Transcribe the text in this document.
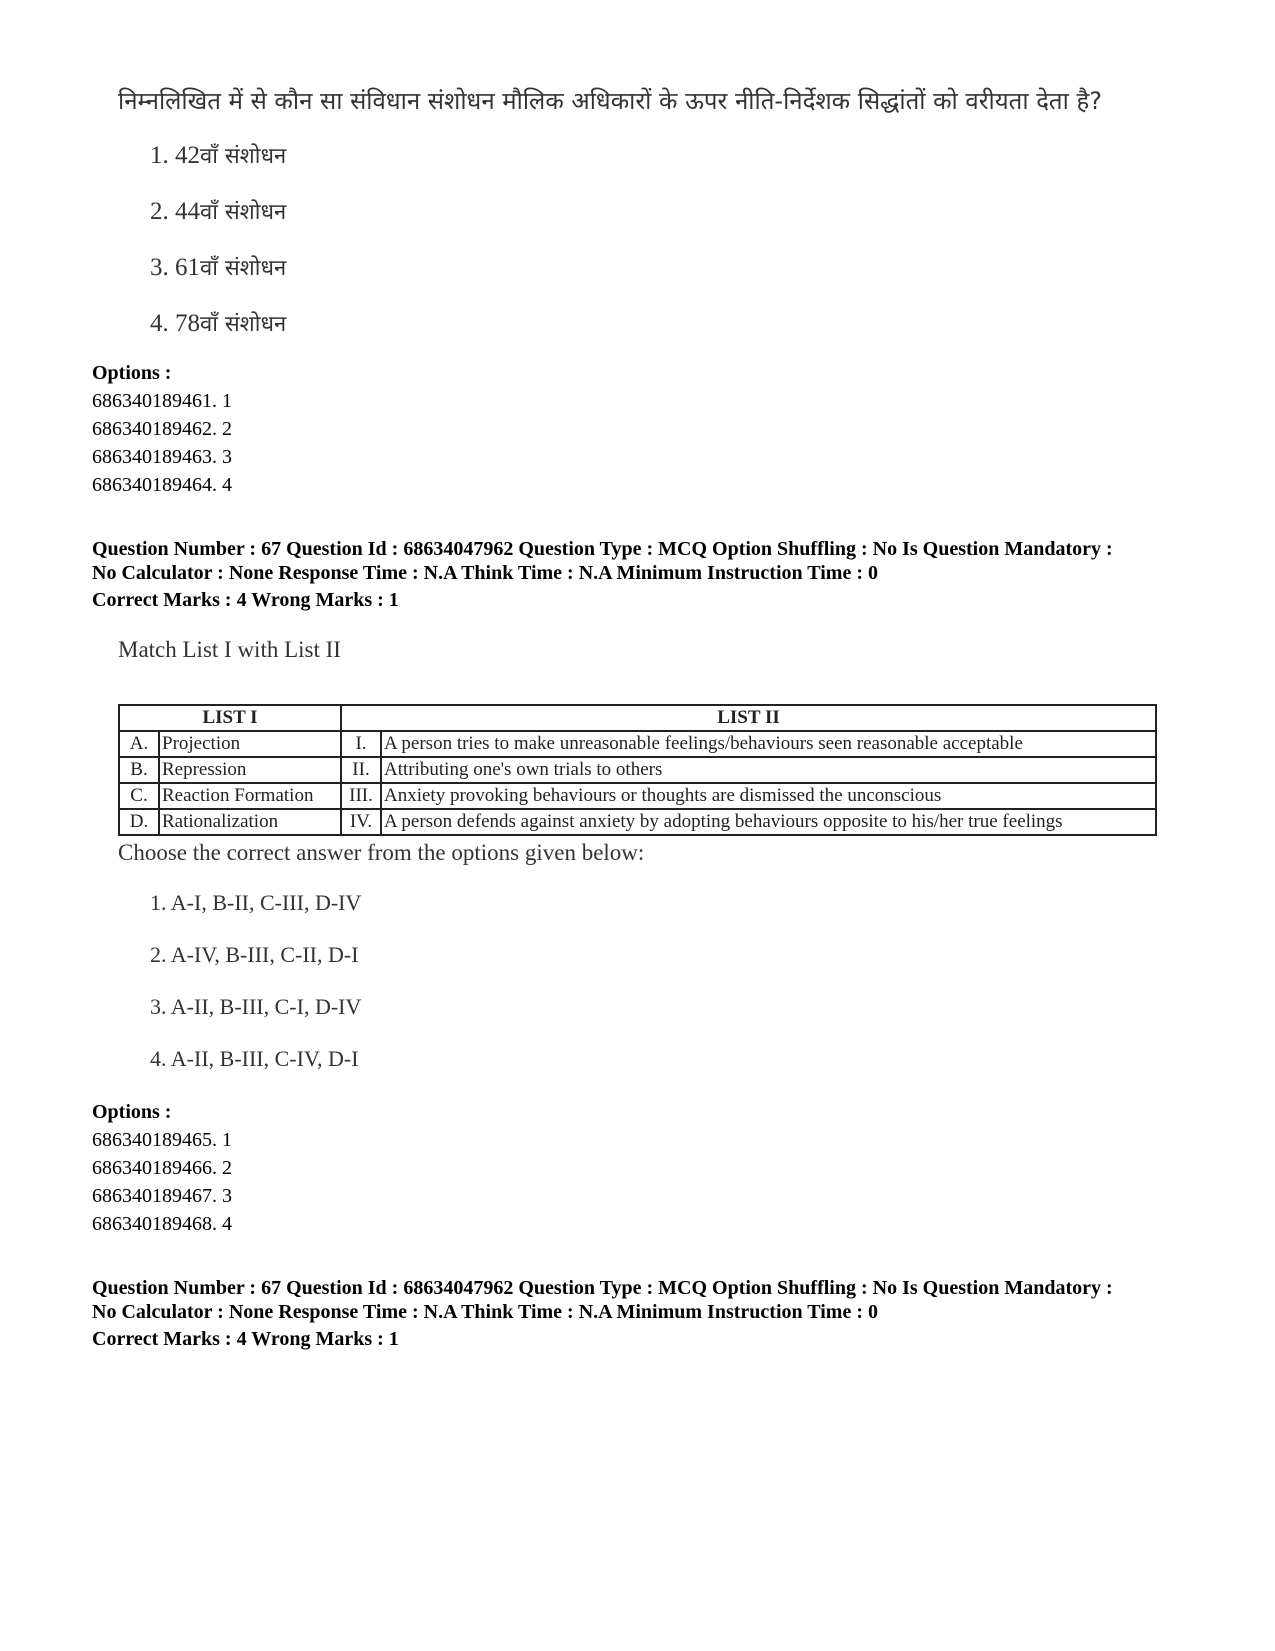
निम्नलिखित में से कौन सा संविधान संशोधन मौलिक अधिकारों के ऊपर नीति-निर्देशक सिद्धांतों को वरीयता देता है?
1. 42वाँ संशोधन
2. 44वाँ संशोधन
3. 61वाँ संशोधन
4. 78वाँ संशोधन
Options :
686340189461. 1
686340189462. 2
686340189463. 3
686340189464. 4
Question Number : 67 Question Id : 68634047962 Question Type : MCQ Option Shuffling : No Is Question Mandatory :
No Calculator : None Response Time : N.A Think Time : N.A Minimum Instruction Time : 0
Correct Marks : 4 Wrong Marks : 1
Match List I with List II
LIST I		LIST II	
A.	Projection	I.	A person tries to make unreasonable feelings/behaviours seen reasonable acceptable
B.	Repression	II.	Attributing one's own trials to others
C.	Reaction Formation	III.	Anxiety provoking behaviours or thoughts are dismissed the unconscious
D.	Rationalization	IV.	A person defends against anxiety by adopting behaviours opposite to his/her true feelings
Choose the correct answer from the options given below:
1. A-I, B-II, C-III, D-IV
2. A-IV, B-III, C-II, D-I
3. A-II, B-III, C-I, D-IV
4. A-II, B-III, C-IV, D-I
Options :
686340189465. 1
686340189466. 2
686340189467. 3
686340189468. 4
Question Number : 67 Question Id : 68634047962 Question Type : MCQ Option Shuffling : No Is Question Mandatory :
No Calculator : None Response Time : N.A Think Time : N.A Minimum Instruction Time : 0
Correct Marks : 4 Wrong Marks : 1
